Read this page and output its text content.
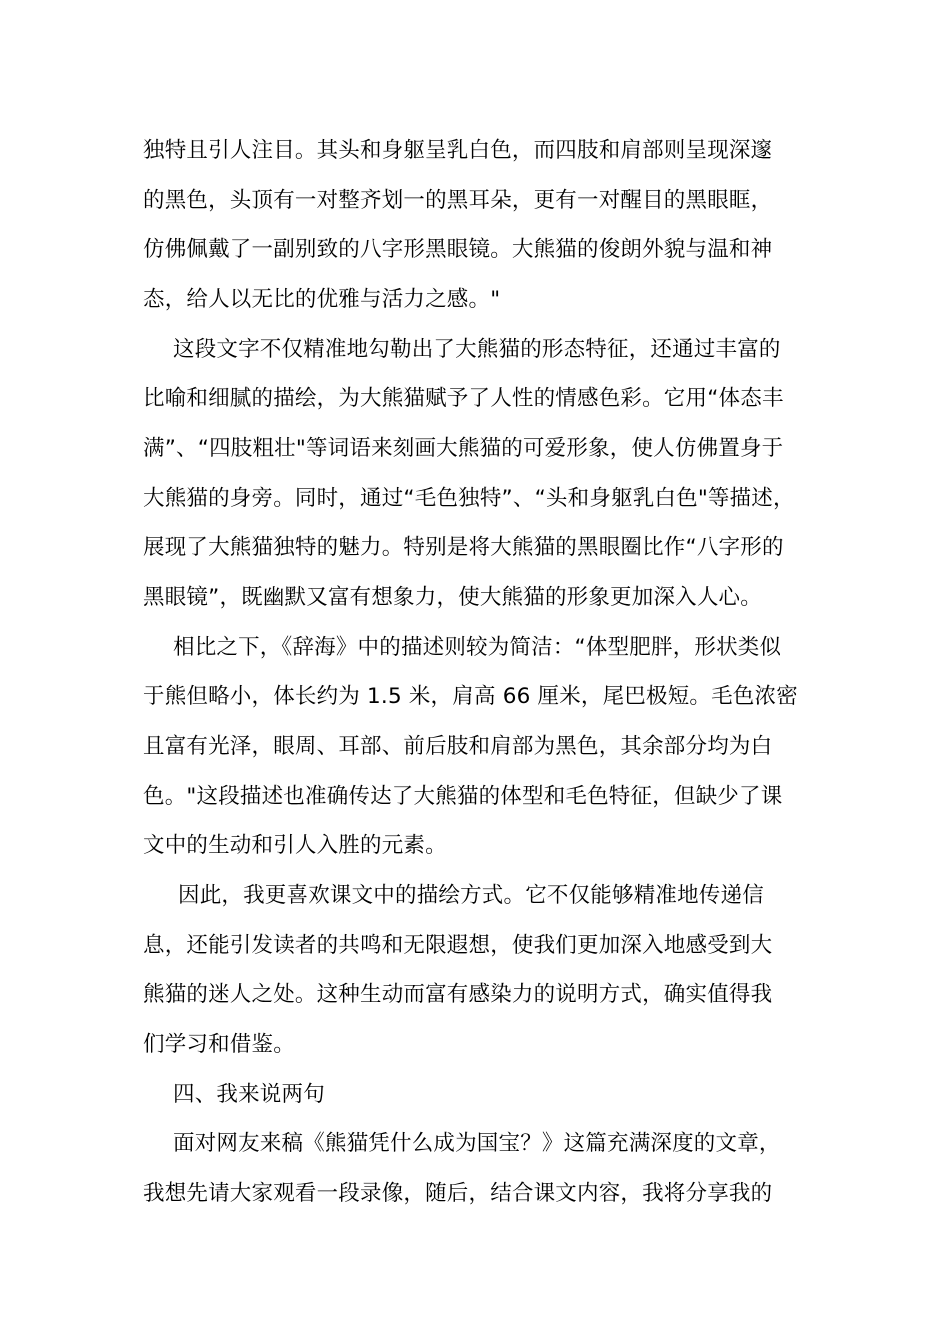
独特且引人注目。其头和身躯呈乳白色，而四肢和肩部则呈现深邃
的黑色，头顶有一对整齐划一的黑耳朵，更有一对醒目的黑眼眶，
仿佛佩戴了一副别致的八字形黑眼镜。大熊猫的俊朗外貌与温和神
态，给人以无比的优雅与活力之感。"
这段文字不仅精准地勾勒出了大熊猫的形态特征，还通过丰富的
比喻和细腻的描绘，为大熊猫赋予了人性的情感色彩。它用“体态丰
满”、“四肢粗壮"等词语来刻画大熊猫的可爱形象，使人仿佛置身于
大熊猫的身旁。同时，通过“毛色独特”、“头和身躯乳白色"等描述，
展现了大熊猫独特的魅力。特别是将大熊猫的黑眼圈比作“八字形的
黑眼镜”，既幽默又富有想象力，使大熊猫的形象更加深入人心。
相比之下，《辞海》中的描述则较为简洁：“体型肥胖，形状类似
于熊但略小，体长约为 1.5 米，肩高 66 厘米，尾巴极短。毛色浓密
且富有光泽，眼周、耳部、前后肢和肩部为黑色，其余部分均为白
色。"这段描述也准确传达了大熊猫的体型和毛色特征，但缺少了课
文中的生动和引人入胜的元素。
因此，我更喜欢课文中的描绘方式。它不仅能够精准地传递信
息，还能引发读者的共鸣和无限遐想，使我们更加深入地感受到大
熊猫的迷人之处。这种生动而富有感染力的说明方式，确实值得我
们学习和借鉴。
四、我来说两句
面对网友来稿《熊猫凭什么成为国宝？》这篇充满深度的文章，
我想先请大家观看一段录像，随后，结合课文内容，我将分享我的
